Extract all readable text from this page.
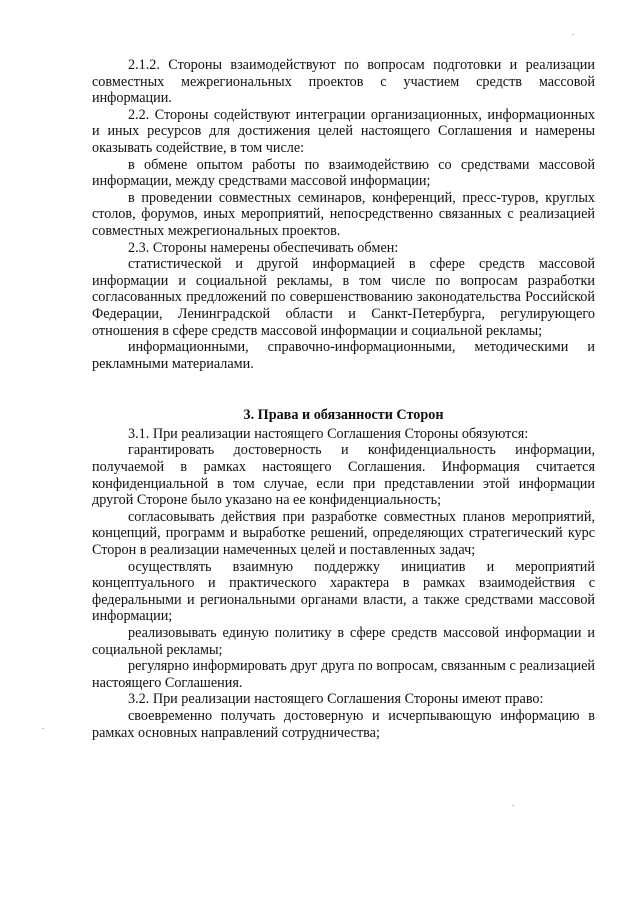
2.1.2. Стороны взаимодействуют по вопросам подготовки и реализации совместных межрегиональных проектов с участием средств массовой информации.

2.2. Стороны содействуют интеграции организационных, информационных и иных ресурсов для достижения целей настоящего Соглашения и намерены оказывать содействие, в том числе:

в обмене опытом работы по взаимодействию со средствами массовой информации, между средствами массовой информации;

в проведении совместных семинаров, конференций, пресс-туров, круглых столов, форумов, иных мероприятий, непосредственно связанных с реализацией совместных межрегиональных проектов.

2.3. Стороны намерены обеспечивать обмен:

статистической и другой информацией в сфере средств массовой информации и социальной рекламы, в том числе по вопросам разработки согласованных предложений по совершенствованию законодательства Российской Федерации, Ленинградской области и Санкт-Петербурга, регулирующего отношения в сфере средств массовой информации и социальной рекламы;

информационными, справочно-информационными, методическими и рекламными материалами.

3. Права и обязанности Сторон

3.1. При реализации настоящего Соглашения Стороны обязуются:

гарантировать достоверность и конфиденциальность информации, получаемой в рамках настоящего Соглашения. Информация считается конфиденциальной в том случае, если при представлении этой информации другой Стороне было указано на ее конфиденциальность;

согласовывать действия при разработке совместных планов мероприятий, концепций, программ и выработке решений, определяющих стратегический курс Сторон в реализации намеченных целей и поставленных задач;

осуществлять взаимную поддержку инициатив и мероприятий концептуального и практического характера в рамках взаимодействия с федеральными и региональными органами власти, а также средствами массовой информации;

реализовывать единую политику в сфере средств массовой информации и социальной рекламы;

регулярно информировать друг друга по вопросам, связанным с реализацией настоящего Соглашения.

3.2. При реализации настоящего Соглашения Стороны имеют право:

своевременно получать достоверную и исчерпывающую информацию в рамках основных направлений сотрудничества;
